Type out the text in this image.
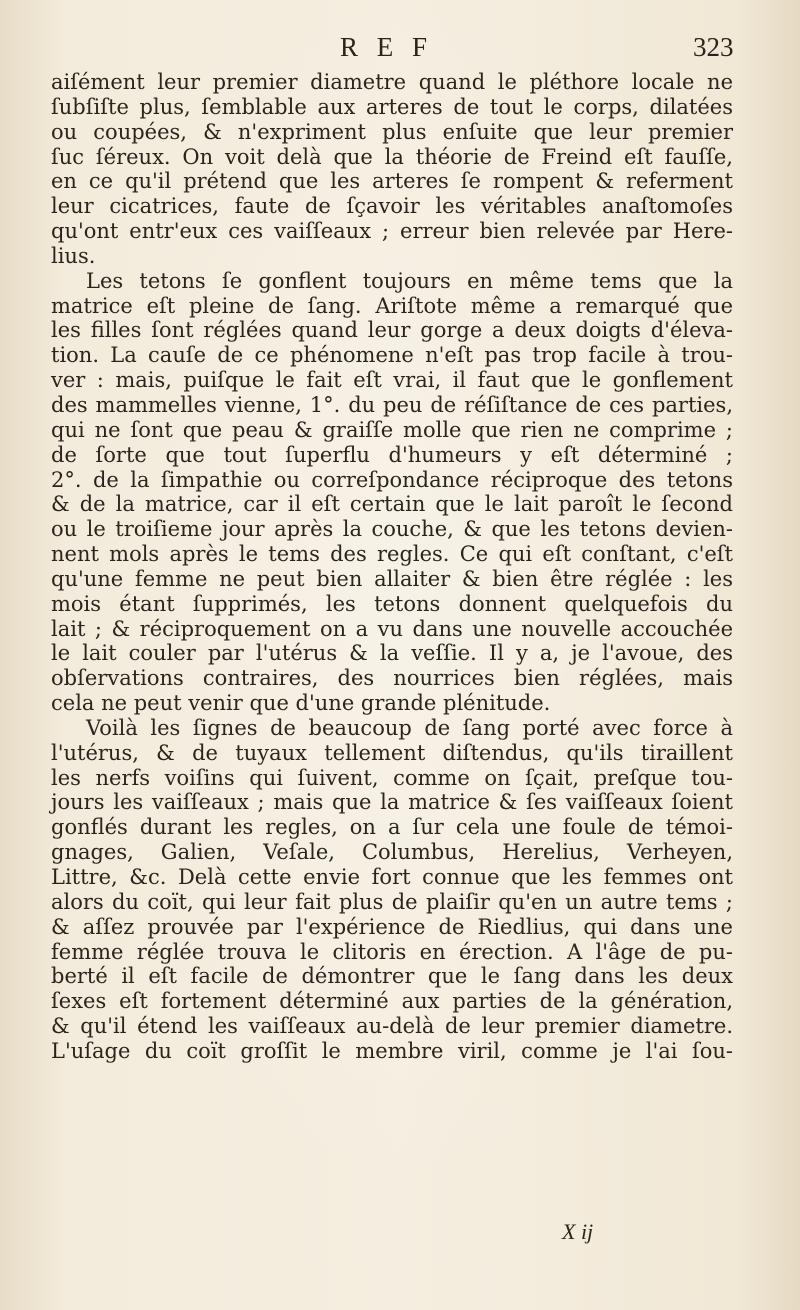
R E F	323
aiſément leur premier diametre quand le pléthore locale ne
ſubſiſte plus, ſemblable aux arteres de tout le corps, dilatées
ou coupées, & n'expriment plus enſuite que leur premier
ſuc ſéreux. On voit delà que la théorie de Freind eſt fauſſe,
en ce qu'il prétend que les arteres ſe rompent & referment
leur cicatrices, faute de ſçavoir les véritables anaſtomoſes
qu'ont entr'eux ces vaiſſeaux ; erreur bien relevée par Here-
lius.
Les tetons ſe gonflent toujours en même tems que la
matrice eſt pleine de ſang. Ariſtote même a remarqué que
les filles ſont réglées quand leur gorge a deux doigts d'éleva-
tion. La cauſe de ce phénomene n'eſt pas trop facile à trou-
ver : mais, puiſque le fait eſt vrai, il faut que le gonflement
des mammelles vienne, 1°. du peu de réſiſtance de ces parties,
qui ne ſont que peau & graiſſe molle que rien ne comprime ;
de ſorte que tout ſuperflu d'humeurs y eſt déterminé ;
2°. de la ſimpathie ou correſpondance réciproque des tetons
& de la matrice, car il eſt certain que le lait paroît le ſecond
ou le troiſieme jour après la couche, & que les tetons devien-
nent mols après le tems des regles. Ce qui eſt conſtant, c'eſt
qu'une femme ne peut bien allaiter & bien être réglée : les
mois étant ſupprimés, les tetons donnent quelquefois du
lait ; & réciproquement on a vu dans une nouvelle accouchée
le lait couler par l'utérus & la veſſie. Il y a, je l'avoue, des
obſervations contraires, des nourrices bien réglées, mais
cela ne peut venir que d'une grande plénitude.
Voilà les ſignes de beaucoup de ſang porté avec force à
l'utérus, & de tuyaux tellement diſtendus, qu'ils tiraillent
les nerfs voiſins qui ſuivent, comme on ſçait, preſque tou-
jours les vaiſſeaux ; mais que la matrice & ſes vaiſſeaux ſoient
gonflés durant les regles, on a ſur cela une foule de témoi-
gnages, Galien, Veſale, Columbus, Herelius, Verheyen,
Littre, &c. Delà cette envie fort connue que les femmes ont
alors du coït, qui leur fait plus de plaiſir qu'en un autre tems ;
& aſſez prouvée par l'expérience de Riedlius, qui dans une
femme réglée trouva le clitoris en érection. A l'âge de pu-
berté il eſt facile de démontrer que le ſang dans les deux
ſexes eſt fortement déterminé aux parties de la génération,
& qu'il étend les vaiſſeaux au-delà de leur premier diametre.
L'uſage du coït groſſit le membre viril, comme je l'ai ſou-
X ij
